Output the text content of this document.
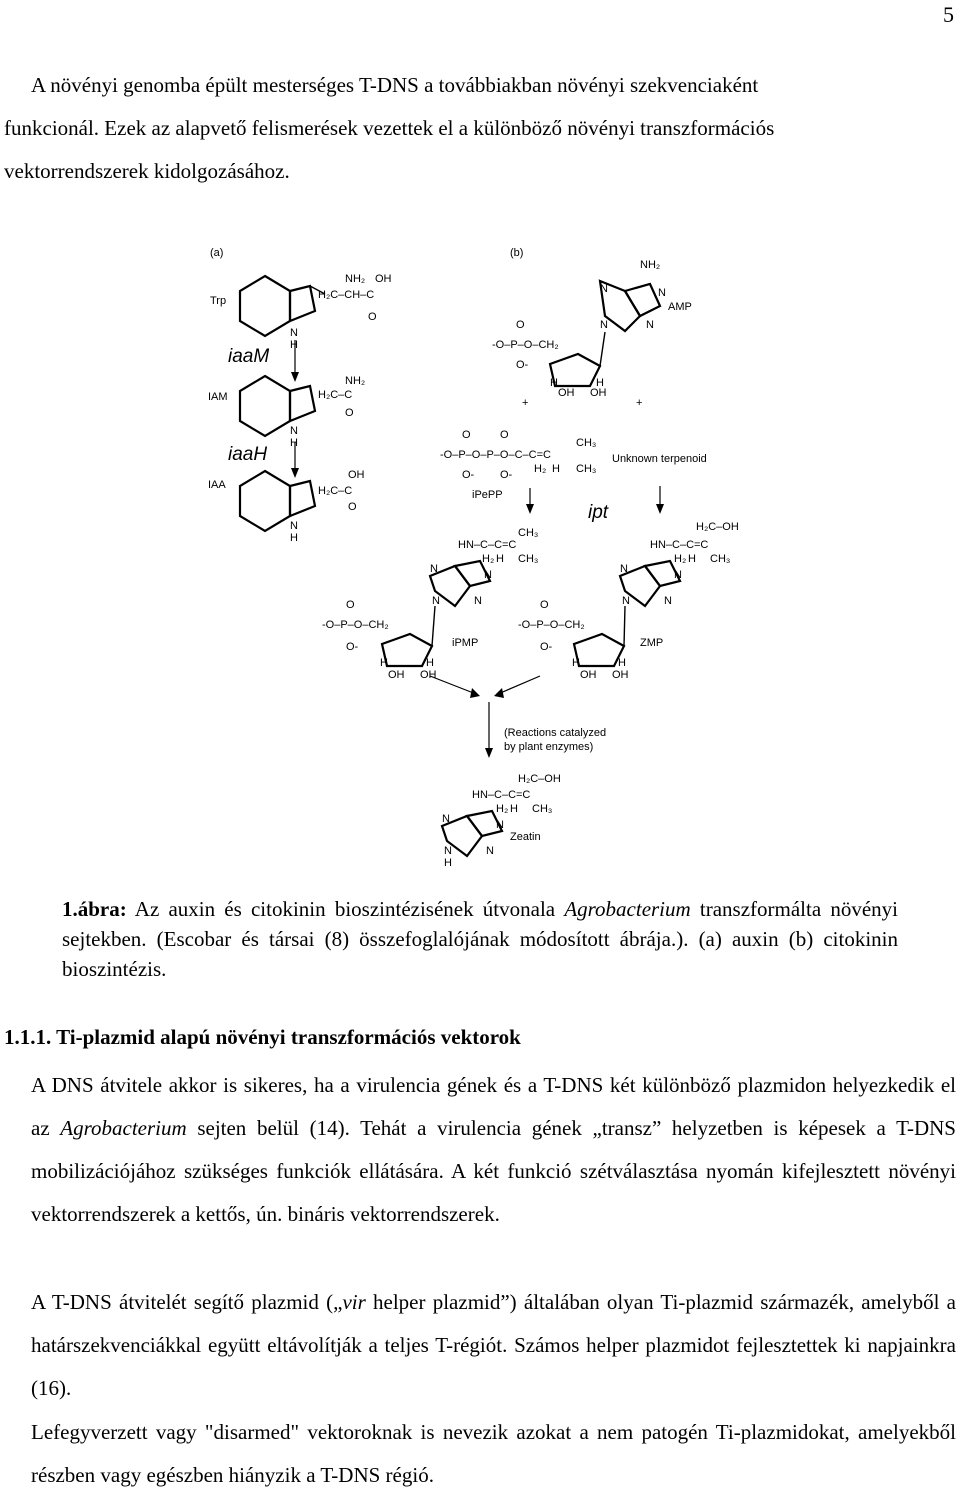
5
A növényi genomba épült mesterséges T-DNS a továbbiakban növényi szekvenciaként
funkcionál. Ezek az alapvető felismerések vezettek el a különböző növényi transzformációs
vektorrendszerek kidolgozásához.
(a)	(b)
N
H
H₂C–CH–C
NH₂ OH
O
Trp
iaaM
N
H
H₂C–C
NH₂
O
IAM
iaaH
N
H
H₂C–C
OH
O
IAA
NH₂
N	N
N	N
AMP
-O–P–O–CH₂
O
O-
H	H
OH OH
+	+
-O–P–O–P–O–C–C=C
O	O
O- O-
CH₃
CH₃
H₂ H
iPePP
Unknown terpenoid
ipt
HN–C–C=C
H₂ H
CH₃
CH₃
N	N
N	N
-O–P–O–CH₂
O
O-
H	H
OH OH
iPMP
HN–C–C=C
H₂ H
H₂C–OH
CH₃
N	N
N	N
-O–P–O–CH₂
O
O-
H	H
OH OH
ZMP
(Reactions catalyzed
by plant enzymes)
HN–C–C=C
H₂ H
H₂C–OH
CH₃
N	N
N
H
N
Zeatin
1.ábra: Az auxin és citokinin bioszintézisének útvonala Agrobacterium transzformálta növényi sejtekben. (Escobar és társai (8) összefoglalójának módosított ábrája.). (a) auxin (b) citokinin bioszintézis.
1.1.1. Ti-plazmid alapú növényi transzformációs vektorok
A DNS átvitele akkor is sikeres, ha a virulencia gének és a T-DNS két különböző plazmidon helyezkedik el az Agrobacterium sejten belül (14). Tehát a virulencia gének „transz” helyzetben is képesek a T-DNS mobilizációjához szükséges funkciók ellátására. A két funkció szétválasztása nyomán kifejlesztett növényi vektorrendszerek a kettős, ún. bináris vektorrendszerek.
A T-DNS átvitelét segítő plazmid („vir helper plazmid”) általában olyan Ti-plazmid származék, amelyből a határszekvenciákkal együtt eltávolítják a teljes T-régiót. Számos helper plazmidot fejlesztettek ki napjainkra (16).
Lefegyverzett vagy "disarmed" vektoroknak is nevezik azokat a nem patogén Ti-plazmidokat, amelyekből részben vagy egészben hiányzik a T-DNS régió.
